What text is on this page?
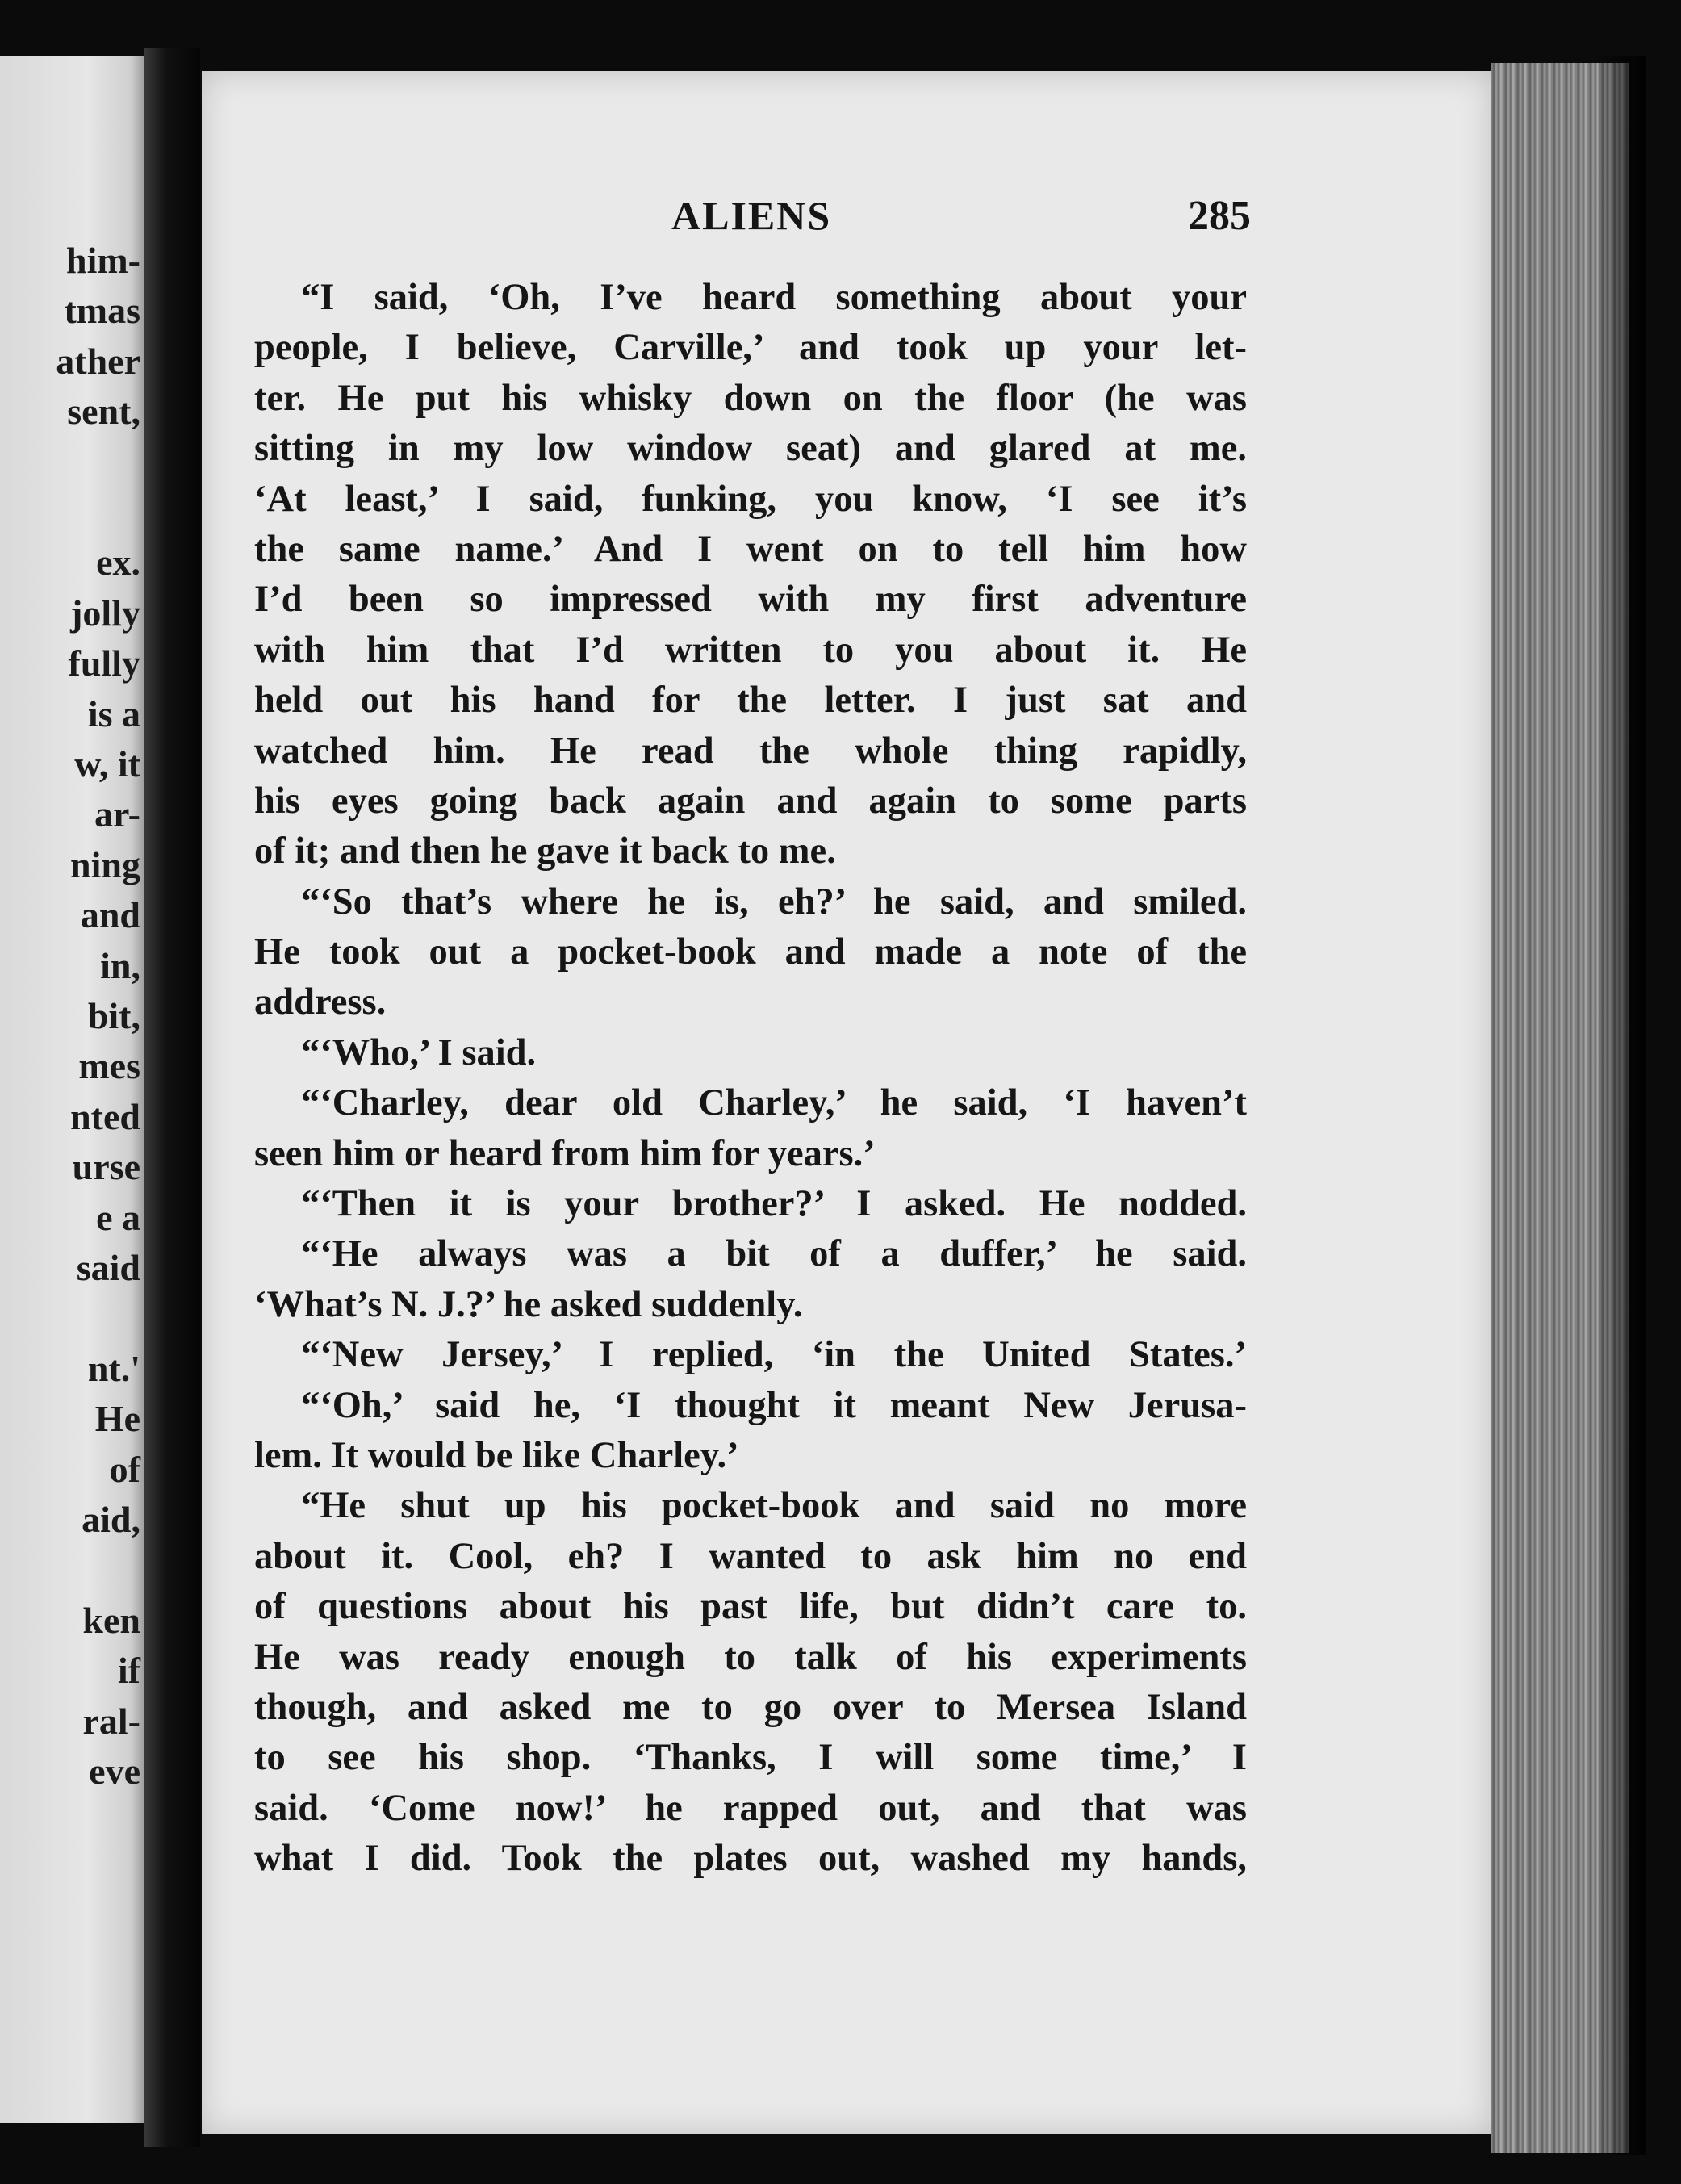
him-
tmas
ather
sent,
ex.
jolly
fully
is a
w, it
ar-
ning
and
in,
bit,
mes
nted
urse
e a
said
nt.'
He
of
aid,
ken
if
ral-
eve
ALIENS	285
“I said, ‘Oh, I’ve heard something about your
people, I believe, Carville,’ and took up your let-
ter. He put his whisky down on the floor (he was
sitting in my low window seat) and glared at me.
‘At least,’ I said, funking, you know, ‘I see it’s
the same name.’ And I went on to tell him how
I’d been so impressed with my first adventure
with him that I’d written to you about it. He
held out his hand for the letter. I just sat and
watched him. He read the whole thing rapidly,
his eyes going back again and again to some parts
of it; and then he gave it back to me.
“‘So that’s where he is, eh?’ he said, and smiled.
He took out a pocket-book and made a note of the
address.
“‘Who,’ I said.
“‘Charley, dear old Charley,’ he said, ‘I haven’t
seen him or heard from him for years.’
“‘Then it is your brother?’ I asked. He nodded.
“‘He always was a bit of a duffer,’ he said.
‘What’s N. J.?’ he asked suddenly.
“‘New Jersey,’ I replied, ‘in the United States.’
“‘Oh,’ said he, ‘I thought it meant New Jerusa-
lem. It would be like Charley.’
“He shut up his pocket-book and said no more
about it. Cool, eh? I wanted to ask him no end
of questions about his past life, but didn’t care to.
He was ready enough to talk of his experiments
though, and asked me to go over to Mersea Island
to see his shop. ‘Thanks, I will some time,’ I
said. ‘Come now!’ he rapped out, and that was
what I did. Took the plates out, washed my hands,
